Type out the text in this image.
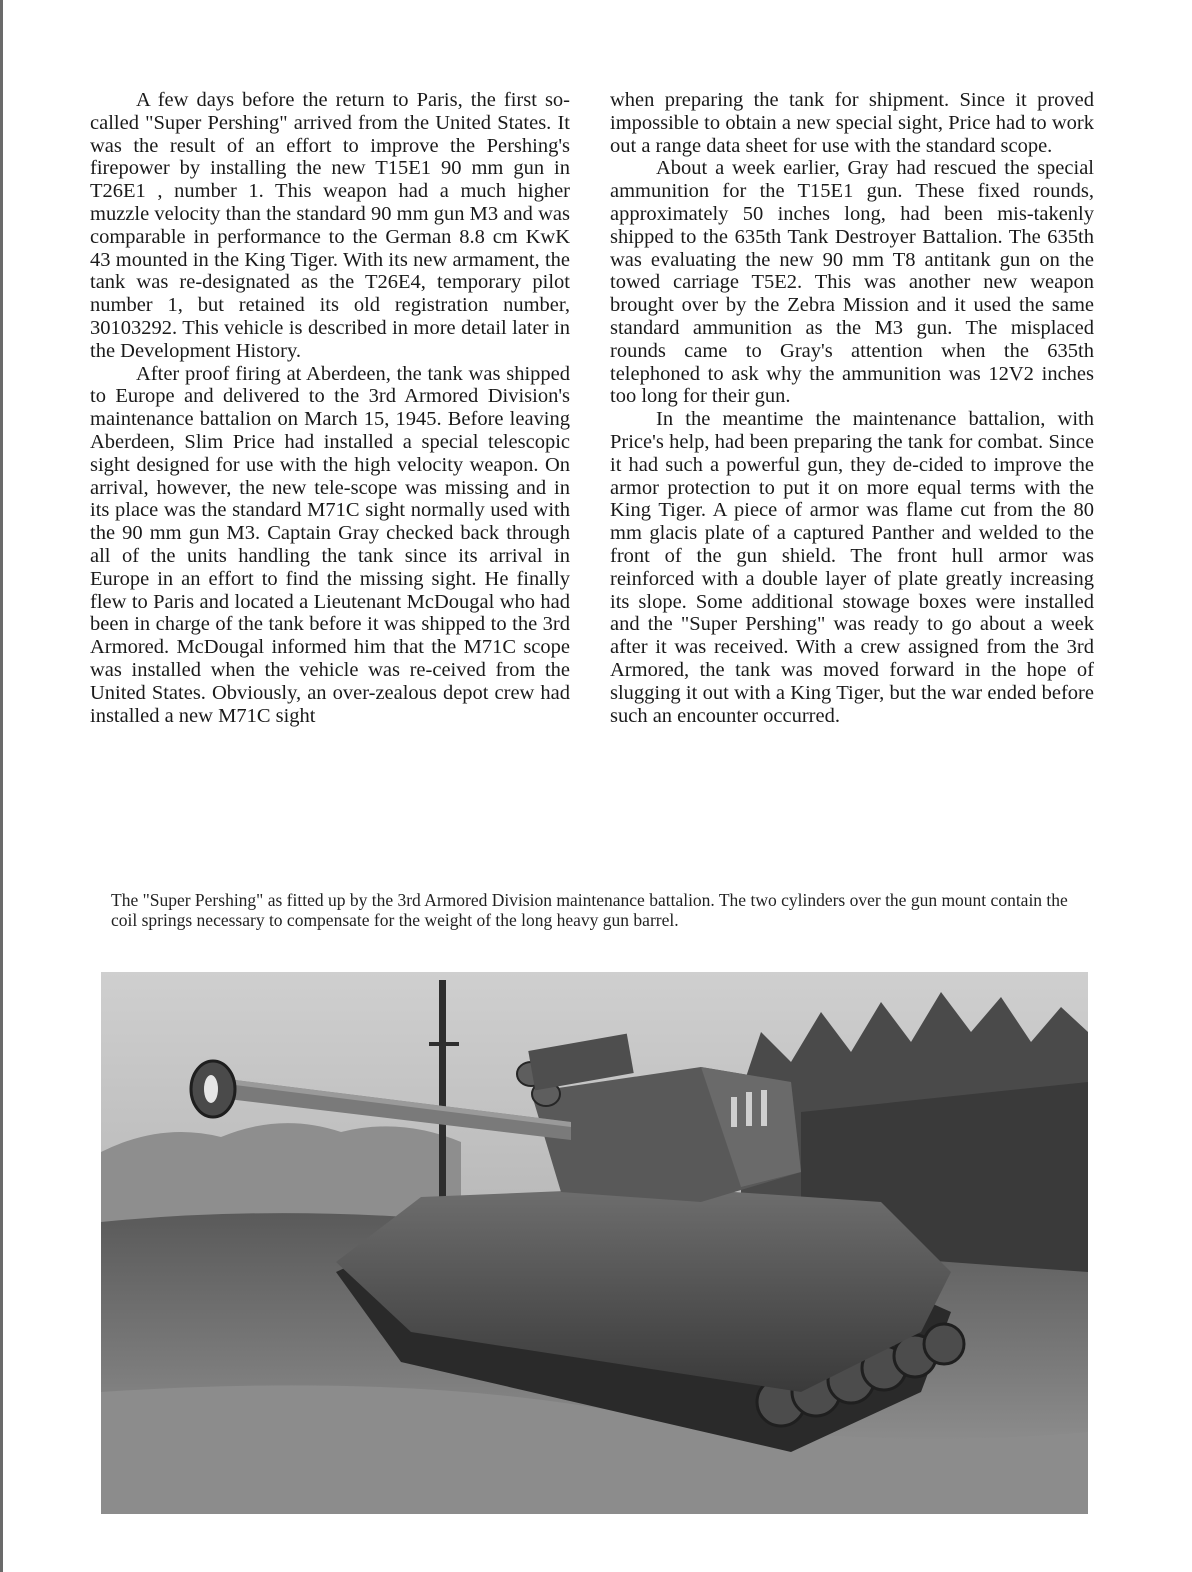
A few days before the return to Paris, the first so-called "Super Pershing" arrived from the United States. It was the result of an effort to improve the Pershing's firepower by installing the new T15E1 90 mm gun in T26E1 , number 1. This weapon had a much higher muzzle velocity than the standard 90 mm gun M3 and was comparable in performance to the German 8.8 cm KwK 43 mounted in the King Tiger. With its new armament, the tank was re-designated as the T26E4, temporary pilot number 1, but retained its old registration number, 30103292. This vehicle is described in more detail later in the Development History.

After proof firing at Aberdeen, the tank was shipped to Europe and delivered to the 3rd Armored Division's maintenance battalion on March 15, 1945. Before leaving Aberdeen, Slim Price had installed a special telescopic sight designed for use with the high velocity weapon. On arrival, however, the new tele-scope was missing and in its place was the standard M71C sight normally used with the 90 mm gun M3. Captain Gray checked back through all of the units handling the tank since its arrival in Europe in an effort to find the missing sight. He finally flew to Paris and located a Lieutenant McDougal who had been in charge of the tank before it was shipped to the 3rd Armored. McDougal informed him that the M71C scope was installed when the vehicle was re-ceived from the United States. Obviously, an over-zealous depot crew had installed a new M71C sight

when preparing the tank for shipment. Since it proved impossible to obtain a new special sight, Price had to work out a range data sheet for use with the standard scope.

About a week earlier, Gray had rescued the special ammunition for the T15E1 gun. These fixed rounds, approximately 50 inches long, had been mis-takenly shipped to the 635th Tank Destroyer Battalion. The 635th was evaluating the new 90 mm T8 antitank gun on the towed carriage T5E2. This was another new weapon brought over by the Zebra Mission and it used the same standard ammunition as the M3 gun. The misplaced rounds came to Gray's attention when the 635th telephoned to ask why the ammunition was 12V2 inches too long for their gun.

In the meantime the maintenance battalion, with Price's help, had been preparing the tank for combat. Since it had such a powerful gun, they de-cided to improve the armor protection to put it on more equal terms with the King Tiger. A piece of armor was flame cut from the 80 mm glacis plate of a captured Panther and welded to the front of the gun shield. The front hull armor was reinforced with a double layer of plate greatly increasing its slope. Some additional stowage boxes were installed and the "Super Pershing" was ready to go about a week after it was received. With a crew assigned from the 3rd Armored, the tank was moved forward in the hope of slugging it out with a King Tiger, but the war ended before such an encounter occurred.

The "Super Pershing" as fitted up by the 3rd Armored Division maintenance battalion. The two cylinders over the gun mount contain the coil springs necessary to compensate for the weight of the long heavy gun barrel.
